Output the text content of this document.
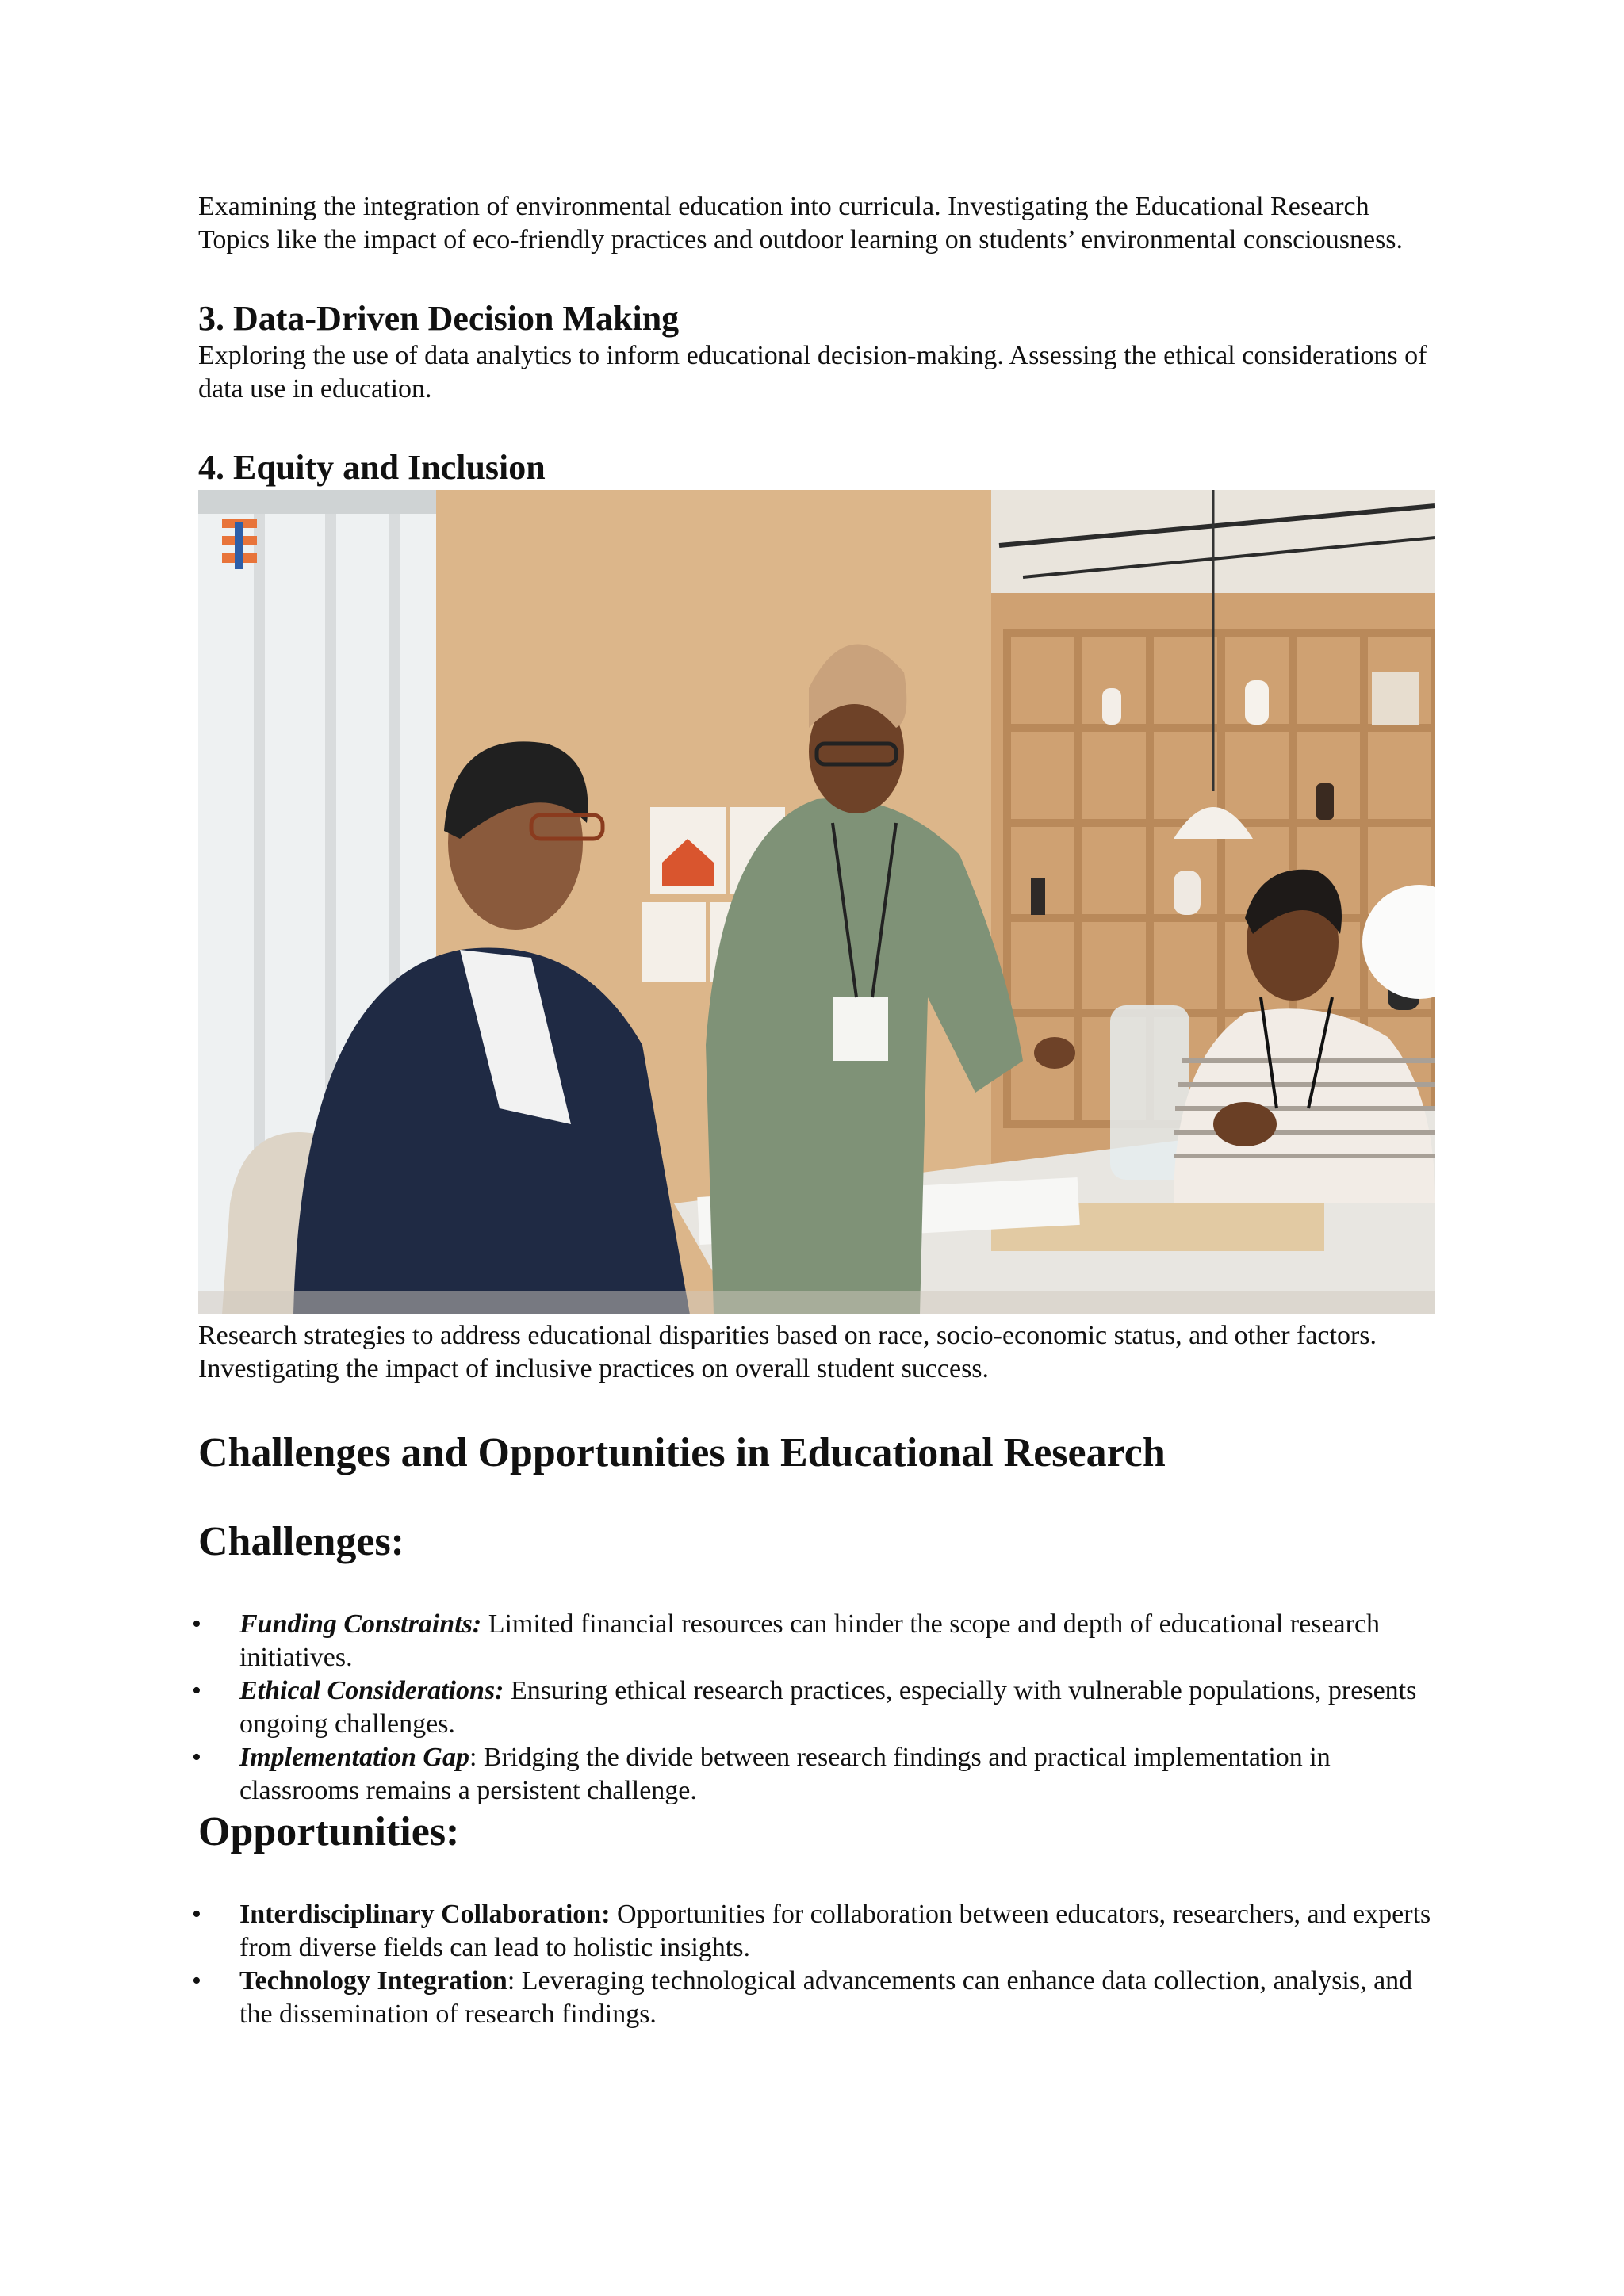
Examining the integration of environmental education into curricula. Investigating the Educational Research Topics like the impact of eco-friendly practices and outdoor learning on students’ environmental consciousness.

3. Data-Driven Decision Making

Exploring the use of data analytics to inform educational decision-making. Assessing the ethical considerations of data use in education.

4. Equity and Inclusion

Research strategies to address educational disparities based on race, socio-economic status, and other factors. Investigating the impact of inclusive practices on overall student success.

Challenges and Opportunities in Educational Research
Challenges:
• Funding Constraints: Limited financial resources can hinder the scope and depth of educational research initiatives.
• Ethical Considerations: Ensuring ethical research practices, especially with vulnerable populations, presents ongoing challenges.
• Implementation Gap: Bridging the divide between research findings and practical implementation in classrooms remains a persistent challenge.
Opportunities:
• Interdisciplinary Collaboration: Opportunities for collaboration between educators, researchers, and experts from diverse fields can lead to holistic insights.
• Technology Integration: Leveraging technological advancements can enhance data collection, analysis, and the dissemination of research findings.
